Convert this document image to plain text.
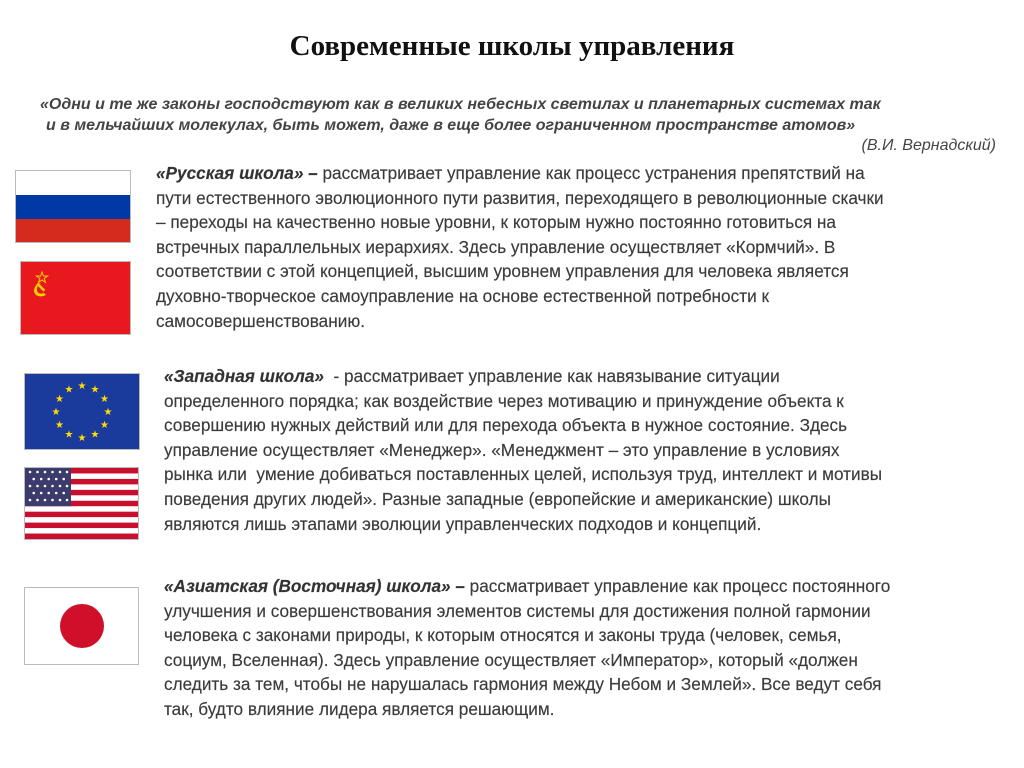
Современные школы управления
«Одни и те же законы господствуют как в великих небесных светилах и планетарных системах так
и в мельчайших молекулах, быть может, даже в еще более ограниченном пространстве атомов»
(В.И. Вернадский)
★ ★
★
★
★
★
★
★
★
★
★
★
«Русская школа» – рассматривает управление как процесс устранения препятствий на
пути естественного эволюционного пути развития, переходящего в революционные скачки
– переходы на качественно новые уровни, к которым нужно постоянно готовиться на
встречных параллельных иерархиях. Здесь управление осуществляет «Кормчий». В
соответствии с этой концепцией, высшим уровнем управления для человека является
духовно-творческое самоуправление на основе естественной потребности к
самосовершенствованию.
«Западная школа»  - рассматривает управление как навязывание ситуации
определенного порядка; как воздействие через мотивацию и принуждение объекта к
совершению нужных действий или для перехода объекта в нужное состояние. Здесь
управление осуществляет «Менеджер». «Менеджмент – это управление в условиях
рынка или  умение добиваться поставленных целей, используя труд, интеллект и мотивы
поведения других людей». Разные западные (европейские и американские) школы
являются лишь этапами эволюции управленческих подходов и концепций.
«Азиатская (Восточная) школа» – рассматривает управление как процесс постоянного
улучшения и совершенствования элементов системы для достижения полной гармонии
человека с законами природы, к которым относятся и законы труда (человек, семья,
социум, Вселенная). Здесь управление осуществляет «Император», который «должен
следить за тем, чтобы не нарушалась гармония между Небом и Землей». Все ведут себя
так, будто влияние лидера является решающим.
